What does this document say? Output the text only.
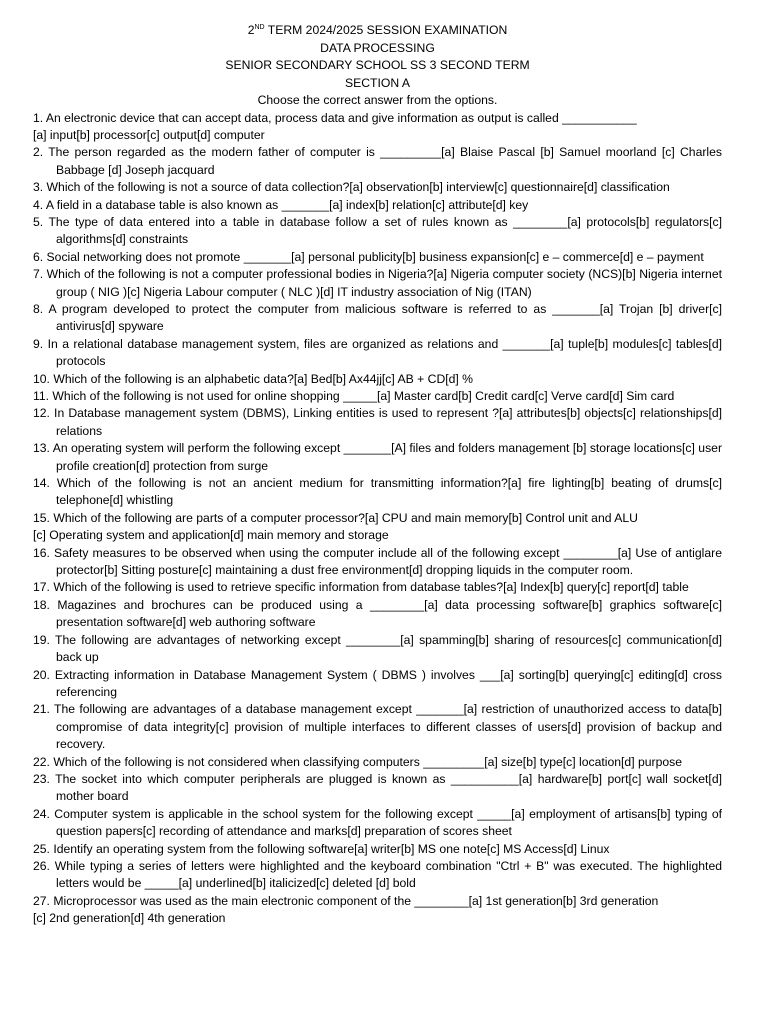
2ND TERM 2024/2025 SESSION EXAMINATION
DATA PROCESSING
SENIOR SECONDARY SCHOOL SS 3 SECOND TERM
SECTION A
Choose the correct answer from the options.
1. An electronic device that can accept data, process data and give information as output is called ___________
[a] input[b] processor[c] output[d] computer
2. The person regarded as the modern father of computer is _________[a] Blaise Pascal [b] Samuel moorland [c] Charles Babbage [d] Joseph jacquard
3. Which of the following is not a source of data collection?[a] observation[b] interview[c] questionnaire[d] classification
4. A field in a database table is also known as _______[a] index[b] relation[c] attribute[d] key
5. The type of data entered into a table in database follow a set of rules known as ________[a] protocols[b] regulators[c] algorithms[d] constraints
6. Social networking does not promote _______[a] personal publicity[b] business expansion[c] e – commerce[d] e – payment
7. Which of the following is not a computer professional bodies in Nigeria?[a] Nigeria computer society (NCS)[b] Nigeria internet group ( NIG )[c] Nigeria Labour computer ( NLC )[d] IT industry association of Nig (ITAN)
8. A program developed to protect the computer from malicious software is referred to as _______[a] Trojan [b] driver[c] antivirus[d] spyware
9. In a relational database management system, files are organized as relations and _______[a] tuple[b] modules[c] tables[d] protocols
10. Which of the following is an alphabetic data?[a] Bed[b] Ax44jj[c] AB + CD[d] %
11. Which of the following is not used for online shopping _____[a] Master card[b] Credit card[c] Verve card[d] Sim card
12. In Database management system (DBMS), Linking entities is used to represent ?[a] attributes[b] objects[c] relationships[d] relations
13. An operating system will perform the following except _______[A] files and folders management [b] storage locations[c] user profile creation[d] protection from surge
14. Which of the following is not an ancient medium for transmitting information?[a] fire lighting[b] beating of drums[c] telephone[d] whistling
15. Which of the following are parts of a computer processor?[a] CPU and main memory[b] Control unit and ALU
[c] Operating system and application[d] main memory and storage
16. Safety measures to be observed when using the computer include all of the following except ________[a] Use of antiglare protector[b] Sitting posture[c] maintaining a dust free environment[d] dropping liquids in the computer room.
17. Which of the following is used to retrieve specific information from database tables?[a] Index[b] query[c] report[d] table
18. Magazines and brochures can be produced using a ________[a] data processing software[b] graphics software[c] presentation software[d] web authoring software
19. The following are advantages of networking except ________[a] spamming[b] sharing of resources[c] communication[d] back up
20. Extracting information in Database Management System ( DBMS ) involves ___[a] sorting[b] querying[c] editing[d] cross referencing
21. The following are advantages of a database management except _______[a] restriction of unauthorized access to data[b] compromise of data integrity[c] provision of multiple interfaces to different classes of users[d] provision of backup and recovery.
22. Which of the following is not considered when classifying computers _________[a] size[b] type[c] location[d] purpose
23. The socket into which computer peripherals are plugged is known as __________[a] hardware[b] port[c] wall socket[d] mother board
24. Computer system is applicable in the school system for the following except _____[a] employment of artisans[b] typing of question papers[c] recording of attendance and marks[d] preparation of scores sheet
25. Identify an operating system from the following software[a] writer[b] MS one note[c] MS Access[d] Linux
26. While typing a series of letters were highlighted and the keyboard combination "Ctrl + B" was executed. The highlighted letters would be _____[a] underlined[b] italicized[c] deleted [d] bold
27. Microprocessor was used as the main electronic component of the ________[a] 1st generation[b] 3rd generation
[c] 2nd generation[d] 4th generation
